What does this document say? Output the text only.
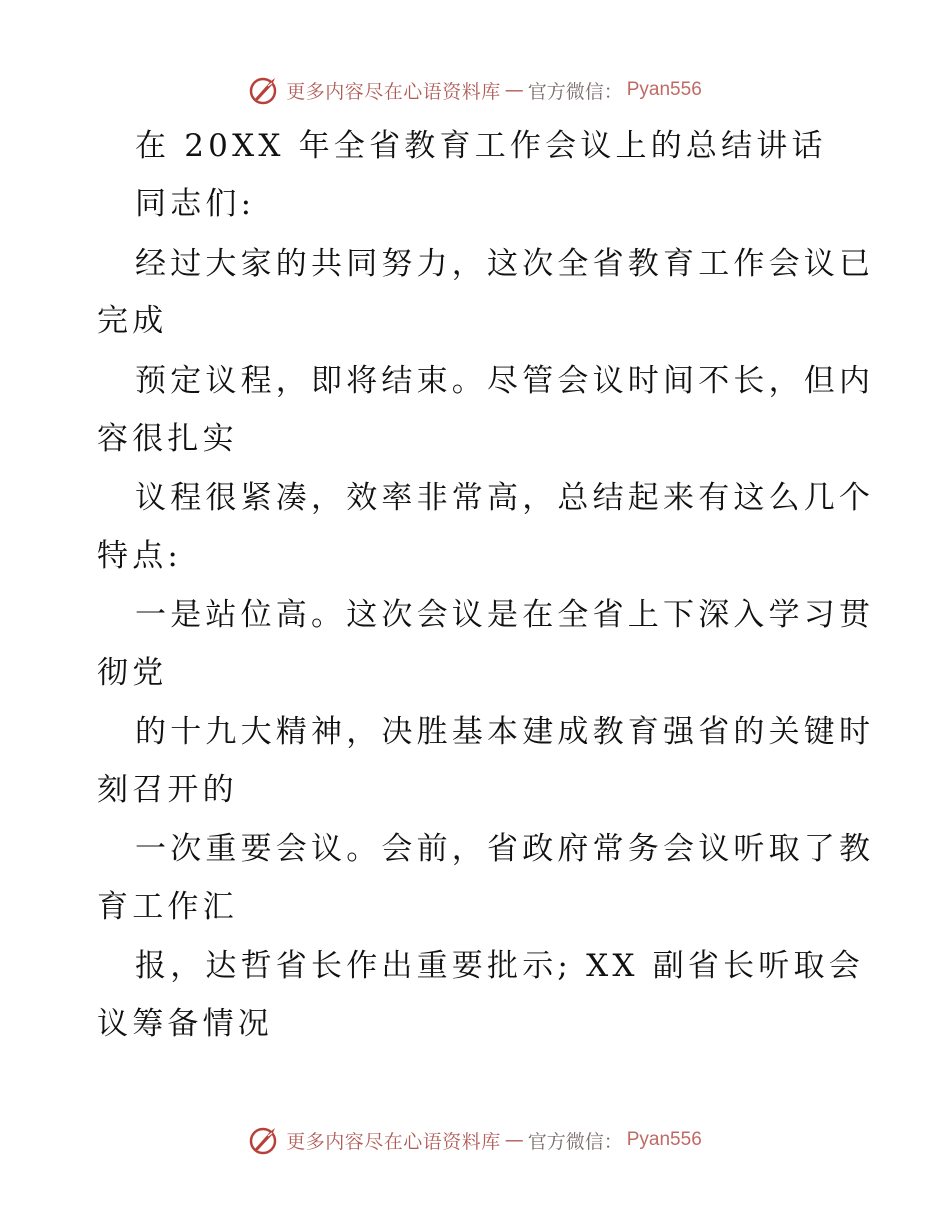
更多内容尽在心语资料库 — 官方微信： Pyan556
在 20XX 年全省教育工作会议上的总结讲话
同志们:
经过大家的共同努力，这次全省教育工作会议已
完成
预定议程，即将结束。尽管会议时间不长，但内
容很扎实
议程很紧凑，效率非常高，总结起来有这么几个
特点:
一是站位高。这次会议是在全省上下深入学习贯
彻党
的十九大精神，决胜基本建成教育强省的关键时
刻召开的
一次重要会议。会前，省政府常务会议听取了教
育工作汇
报，达哲省长作出重要批示; XX 副省长听取会
议筹备情况
更多内容尽在心语资料库 — 官方微信： Pyan556
